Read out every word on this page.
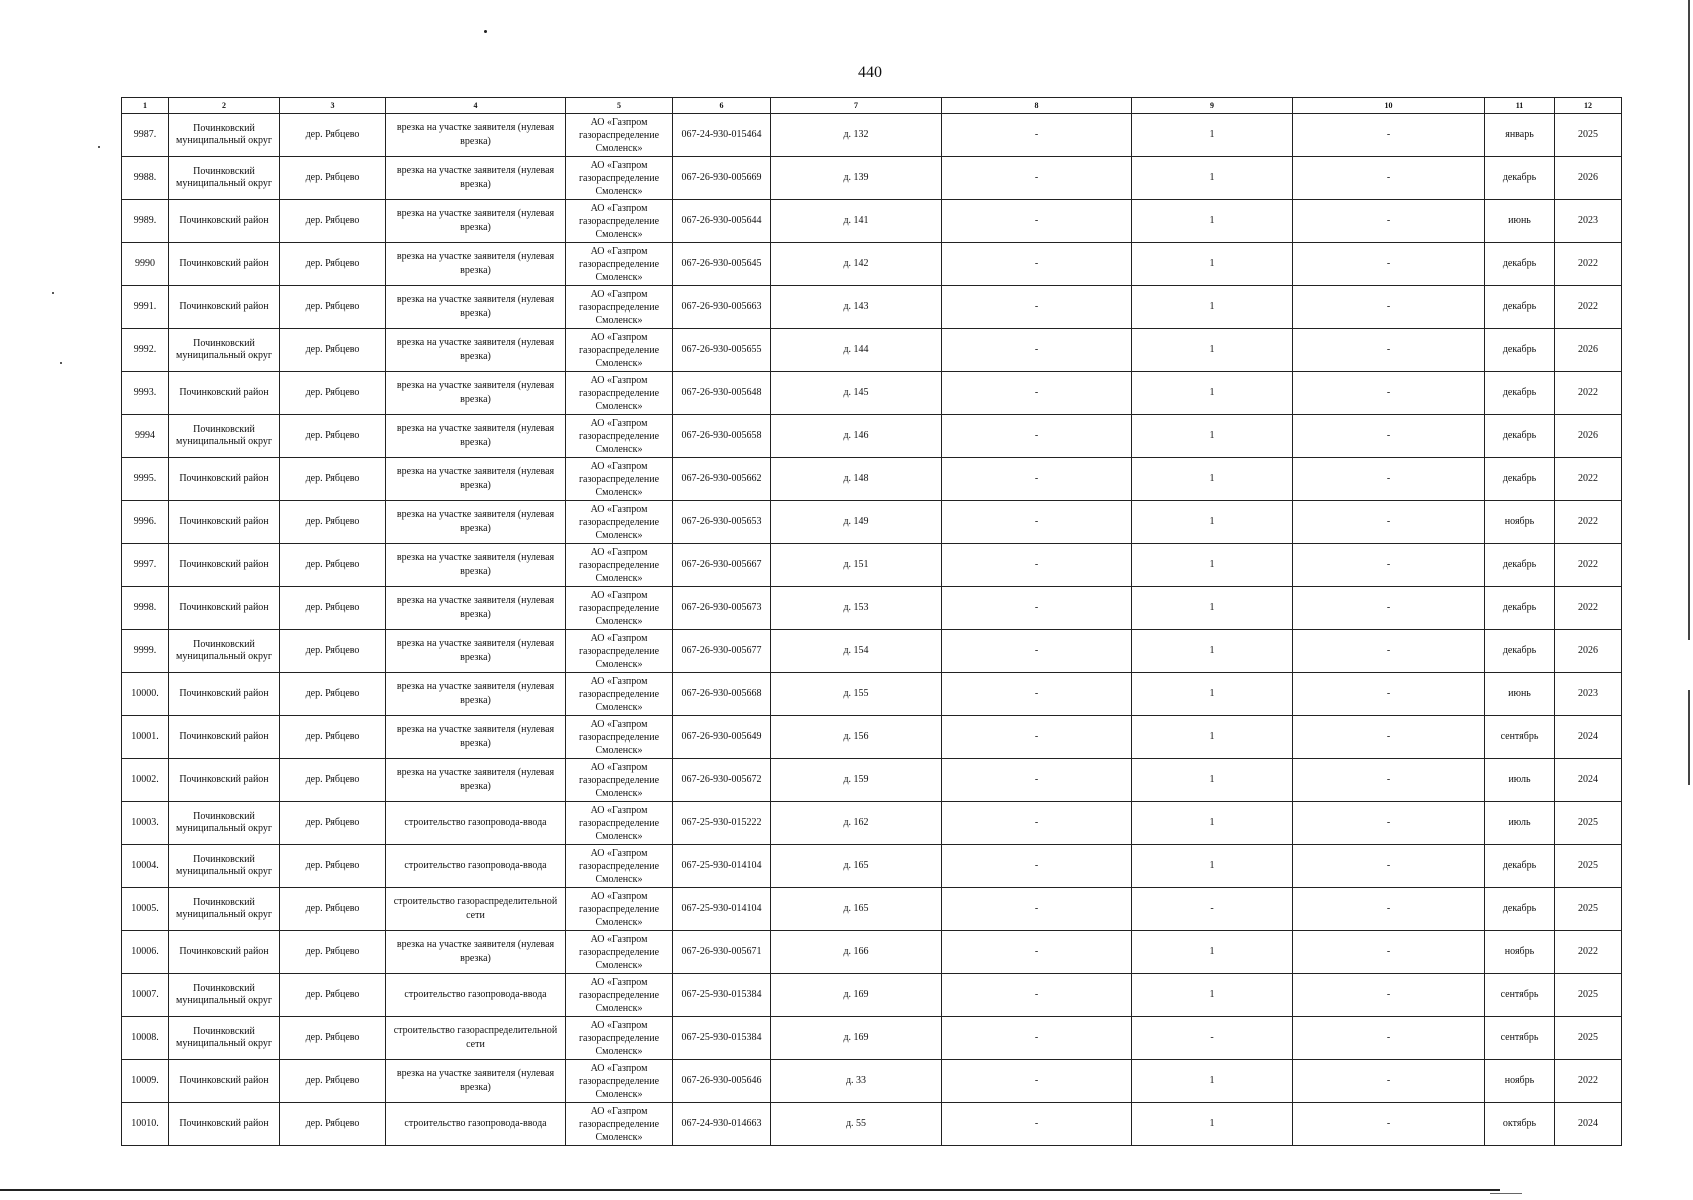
440
1	2	3	4	5	6	7	8	9	10	11	12
9987.	Починковский муниципальный округ	дер. Рябцево	врезка на участке заявителя (нулевая врезка)	АО «Газпром газораспределение Смоленск»	067-24-930-015464	д. 132	-	1	-	январь	2025
9988.	Починковский муниципальный округ	дер. Рябцево	врезка на участке заявителя (нулевая врезка)	АО «Газпром газораспределение Смоленск»	067-26-930-005669	д. 139	-	1	-	декабрь	2026
9989.	Починковский район	дер. Рябцево	врезка на участке заявителя (нулевая врезка)	АО «Газпром газораспределение Смоленск»	067-26-930-005644	д. 141	-	1	-	июнь	2023
9990	Починковский район	дер. Рябцево	врезка на участке заявителя (нулевая врезка)	АО «Газпром газораспределение Смоленск»	067-26-930-005645	д. 142	-	1	-	декабрь	2022
9991.	Починковский район	дер. Рябцево	врезка на участке заявителя (нулевая врезка)	АО «Газпром газораспределение Смоленск»	067-26-930-005663	д. 143	-	1	-	декабрь	2022
9992.	Починковский муниципальный округ	дер. Рябцево	врезка на участке заявителя (нулевая врезка)	АО «Газпром газораспределение Смоленск»	067-26-930-005655	д. 144	-	1	-	декабрь	2026
9993.	Починковский район	дер. Рябцево	врезка на участке заявителя (нулевая врезка)	АО «Газпром газораспределение Смоленск»	067-26-930-005648	д. 145	-	1	-	декабрь	2022
9994	Починковский муниципальный округ	дер. Рябцево	врезка на участке заявителя (нулевая врезка)	АО «Газпром газораспределение Смоленск»	067-26-930-005658	д. 146	-	1	-	декабрь	2026
9995.	Починковский район	дер. Рябцево	врезка на участке заявителя (нулевая врезка)	АО «Газпром газораспределение Смоленск»	067-26-930-005662	д. 148	-	1	-	декабрь	2022
9996.	Починковский район	дер. Рябцево	врезка на участке заявителя (нулевая врезка)	АО «Газпром газораспределение Смоленск»	067-26-930-005653	д. 149	-	1	-	ноябрь	2022
9997.	Починковский район	дер. Рябцево	врезка на участке заявителя (нулевая врезка)	АО «Газпром газораспределение Смоленск»	067-26-930-005667	д. 151	-	1	-	декабрь	2022
9998.	Починковский район	дер. Рябцево	врезка на участке заявителя (нулевая врезка)	АО «Газпром газораспределение Смоленск»	067-26-930-005673	д. 153	-	1	-	декабрь	2022
9999.	Починковский муниципальный округ	дер. Рябцево	врезка на участке заявителя (нулевая врезка)	АО «Газпром газораспределение Смоленск»	067-26-930-005677	д. 154	-	1	-	декабрь	2026
10000.	Починковский район	дер. Рябцево	врезка на участке заявителя (нулевая врезка)	АО «Газпром газораспределение Смоленск»	067-26-930-005668	д. 155	-	1	-	июнь	2023
10001.	Починковский район	дер. Рябцево	врезка на участке заявителя (нулевая врезка)	АО «Газпром газораспределение Смоленск»	067-26-930-005649	д. 156	-	1	-	сентябрь	2024
10002.	Починковский район	дер. Рябцево	врезка на участке заявителя (нулевая врезка)	АО «Газпром газораспределение Смоленск»	067-26-930-005672	д. 159	-	1	-	июль	2024
10003.	Починковский муниципальный округ	дер. Рябцево	строительство газопровода-ввода	АО «Газпром газораспределение Смоленск»	067-25-930-015222	д. 162	-	1	-	июль	2025
10004.	Починковский муниципальный округ	дер. Рябцево	строительство газопровода-ввода	АО «Газпром газораспределение Смоленск»	067-25-930-014104	д. 165	-	1	-	декабрь	2025
10005.	Починковский муниципальный округ	дер. Рябцево	строительство газораспределительной сети	АО «Газпром газораспределение Смоленск»	067-25-930-014104	д. 165	-	-	-	декабрь	2025
10006.	Починковский район	дер. Рябцево	врезка на участке заявителя (нулевая врезка)	АО «Газпром газораспределение Смоленск»	067-26-930-005671	д. 166	-	1	-	ноябрь	2022
10007.	Починковский муниципальный округ	дер. Рябцево	строительство газопровода-ввода	АО «Газпром газораспределение Смоленск»	067-25-930-015384	д. 169	-	1	-	сентябрь	2025
10008.	Починковский муниципальный округ	дер. Рябцево	строительство газораспределительной сети	АО «Газпром газораспределение Смоленск»	067-25-930-015384	д. 169	-	-	-	сентябрь	2025
10009.	Починковский район	дер. Рябцево	врезка на участке заявителя (нулевая врезка)	АО «Газпром газораспределение Смоленск»	067-26-930-005646	д. 33	-	1	-	ноябрь	2022
10010.	Починковский район	дер. Рябцево	строительство газопровода-ввода	АО «Газпром газораспределение Смоленск»	067-24-930-014663	д. 55	-	1	-	октябрь	2024
